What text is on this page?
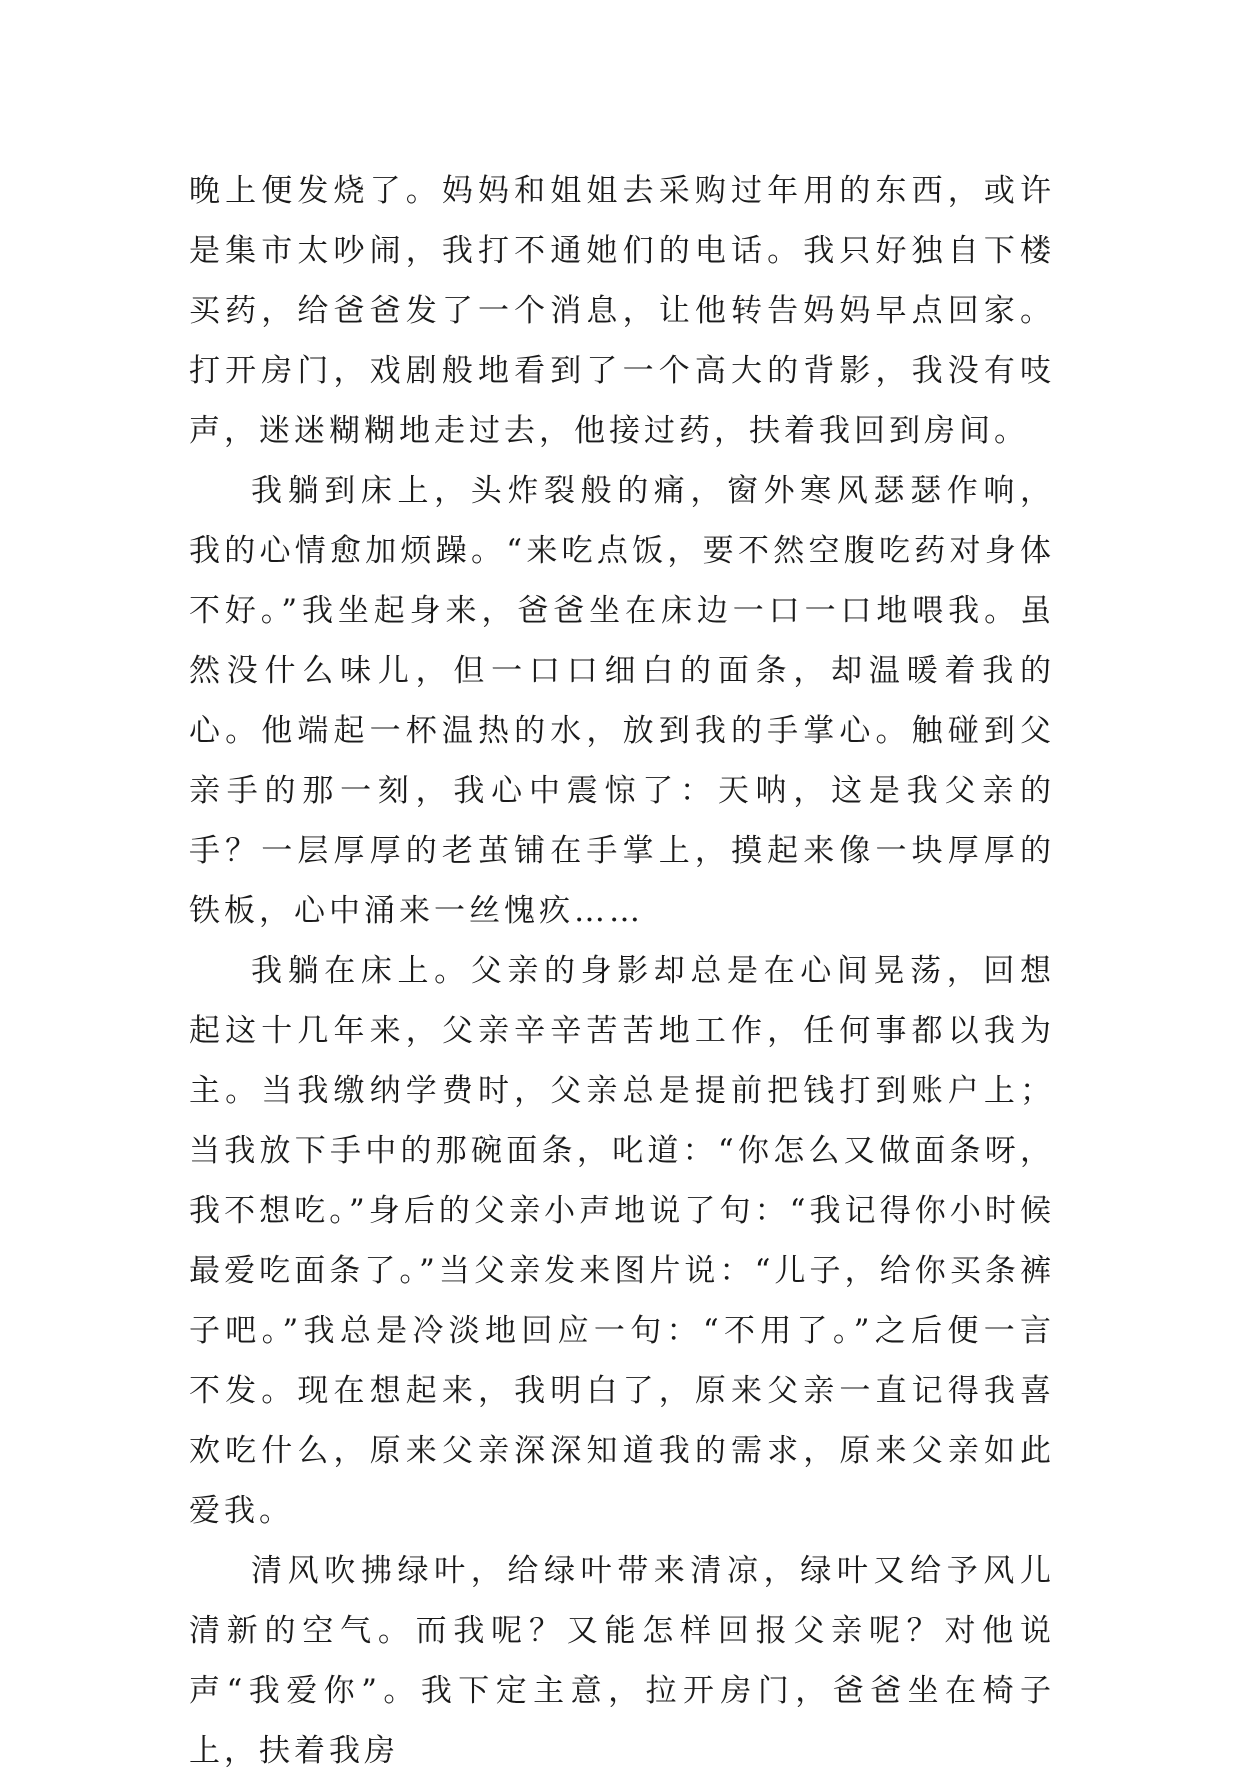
晚上便发烧了。妈妈和姐姐去采购过年用的东西，或许是集市太吵闹，我打不通她们的电话。我只好独自下楼买药，给爸爸发了一个消息，让他转告妈妈早点回家。打开房门，戏剧般地看到了一个高大的背影，我没有吱声，迷迷糊糊地走过去，他接过药，扶着我回到房间。

我躺到床上，头炸裂般的痛，窗外寒风瑟瑟作响，我的心情愈加烦躁。“来吃点饭，要不然空腹吃药对身体不好。”我坐起身来，爸爸坐在床边一口一口地喂我。虽然没什么味儿，但一口口细白的面条，却温暖着我的心。他端起一杯温热的水，放到我的手掌心。触碰到父亲手的那一刻，我心中震惊了：天呐，这是我父亲的手？一层厚厚的老茧铺在手掌上，摸起来像一块厚厚的铁板，心中涌来一丝愧疚……

我躺在床上。父亲的身影却总是在心间晃荡，回想起这十几年来，父亲辛辛苦苦地工作，任何事都以我为主。当我缴纳学费时，父亲总是提前把钱打到账户上；当我放下手中的那碗面条，叱道：“你怎么又做面条呀，我不想吃。”身后的父亲小声地说了句：“我记得你小时候最爱吃面条了。”当父亲发来图片说：“儿子，给你买条裤子吧。”我总是冷淡地回应一句：“不用了。”之后便一言不发。现在想起来，我明白了，原来父亲一直记得我喜欢吃什么，原来父亲深深知道我的需求，原来父亲如此爱我。

清风吹拂绿叶，给绿叶带来清凉，绿叶又给予风儿清新的空气。而我呢？又能怎样回报父亲呢？对他说声“我爱你”。我下定主意，拉开房门，爸爸坐在椅子上，扶着我房
